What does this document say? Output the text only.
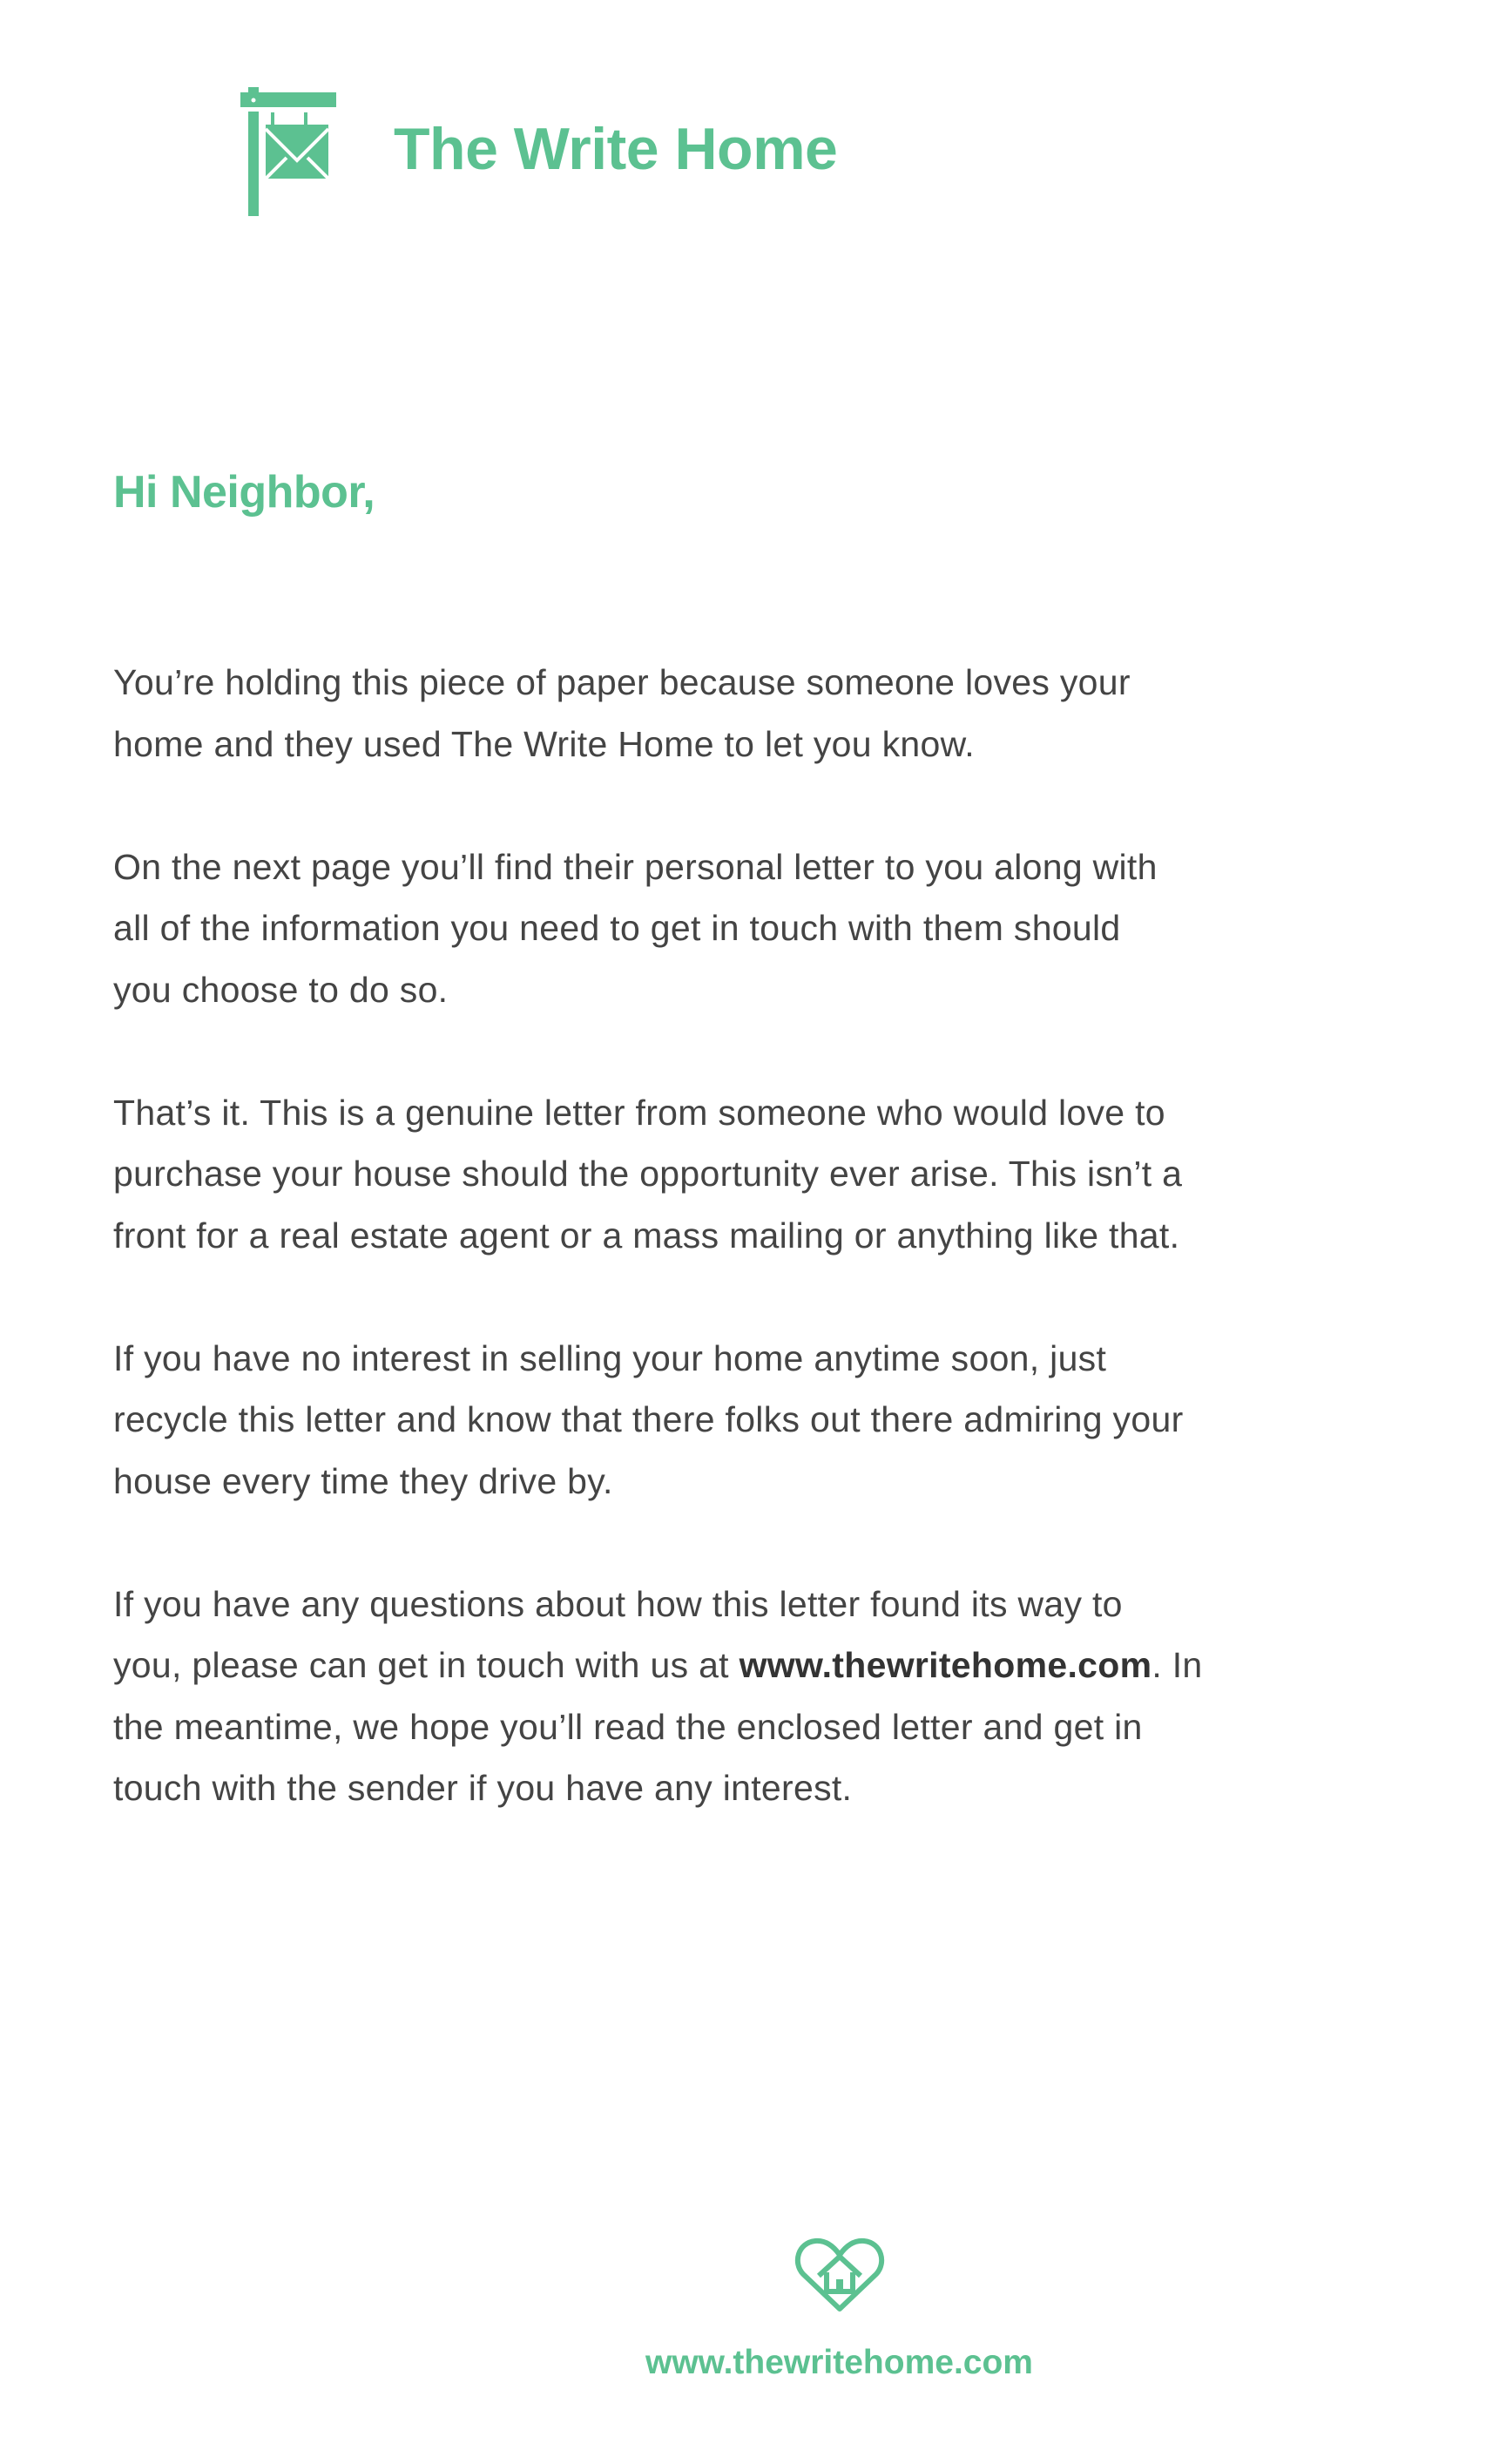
The Write Home
Hi Neighbor,

You’re holding this piece of paper because someone loves your
home and they used The Write Home to let you know.

On the next page you’ll find their personal letter to you along with
all of the information you need to get in touch with them should
you choose to do so.

That’s it. This is a genuine letter from someone who would love to
purchase your house should the opportunity ever arise. This isn’t a
front for a real estate agent or a mass mailing or anything like that.

If you have no interest in selling your home anytime soon, just
recycle this letter and know that there folks out there admiring your
house every time they drive by.

If you have any questions about how this letter found its way to
you, please can get in touch with us at www.thewritehome.com. In
the meantime, we hope you’ll read the enclosed letter and get in
touch with the sender if you have any interest.

www.thewritehome.com
